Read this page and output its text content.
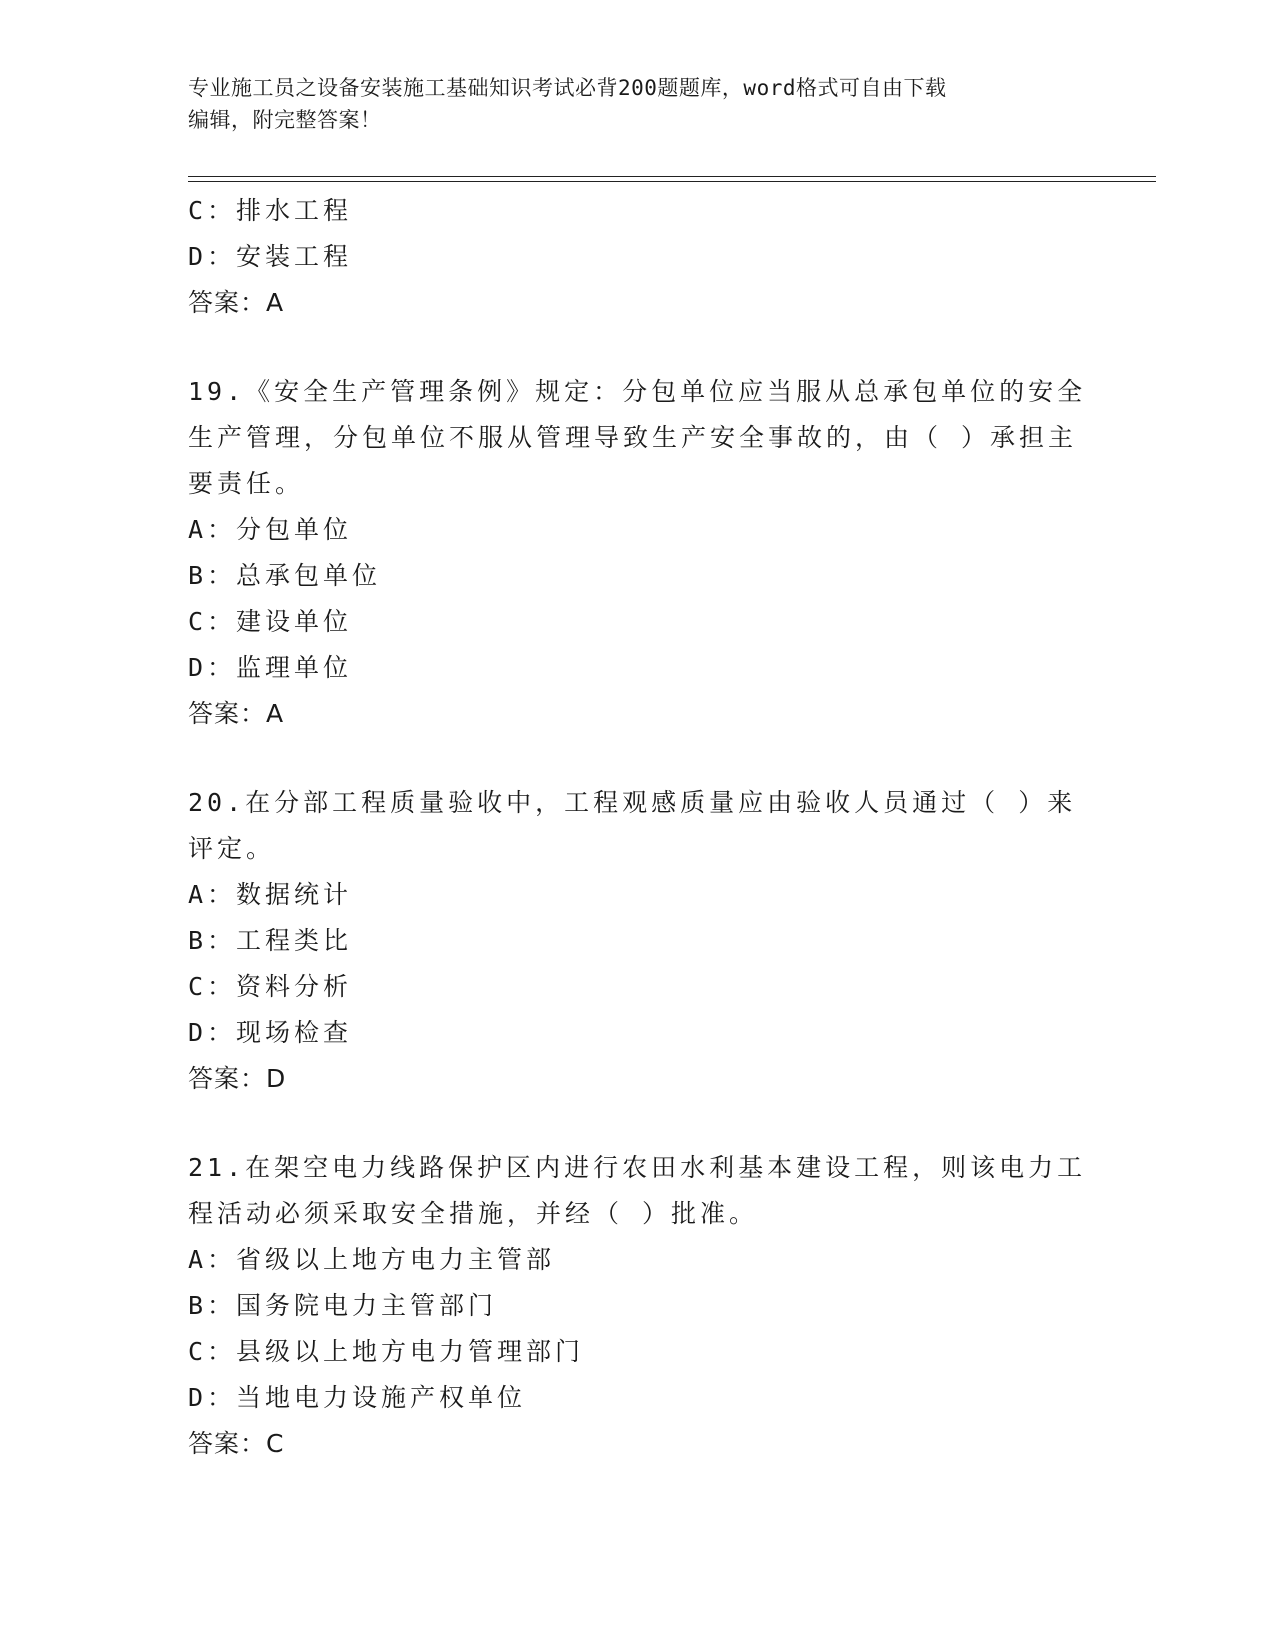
专业施工员之设备安装施工基础知识考试必背200题题库，word格式可自由下载
编辑，附完整答案！
C：排水工程
D：安装工程
答案：A
19.《安全生产管理条例》规定：分包单位应当服从总承包单位的安全
生产管理，分包单位不服从管理导致生产安全事故的，由（ ）承担主
要责任。
A：分包单位
B：总承包单位
C：建设单位
D：监理单位
答案：A
20.在分部工程质量验收中，工程观感质量应由验收人员通过（ ）来
评定。
A：数据统计
B：工程类比
C：资料分析
D：现场检查
答案：D
21.在架空电力线路保护区内进行农田水利基本建设工程，则该电力工
程活动必须采取安全措施，并经（ ）批准。
A：省级以上地方电力主管部
B：国务院电力主管部门
C：县级以上地方电力管理部门
D：当地电力设施产权单位
答案：C
